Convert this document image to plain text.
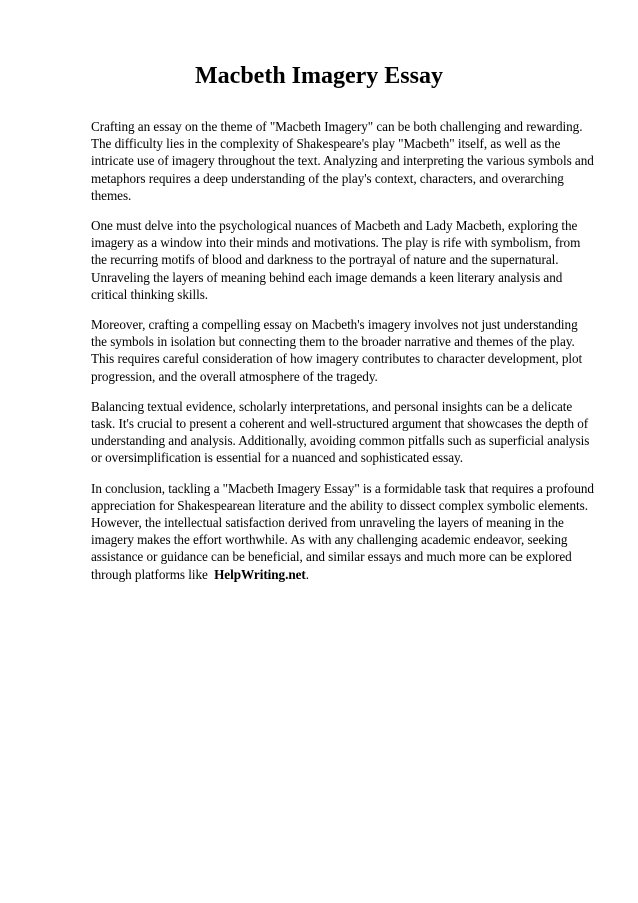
Macbeth Imagery Essay

Crafting an essay on the theme of "Macbeth Imagery" can be both challenging and rewarding. The difficulty lies in the complexity of Shakespeare's play "Macbeth" itself, as well as the intricate use of imagery throughout the text. Analyzing and interpreting the various symbols and metaphors requires a deep understanding of the play's context, characters, and overarching themes.

One must delve into the psychological nuances of Macbeth and Lady Macbeth, exploring the imagery as a window into their minds and motivations. The play is rife with symbolism, from the recurring motifs of blood and darkness to the portrayal of nature and the supernatural. Unraveling the layers of meaning behind each image demands a keen literary analysis and critical thinking skills.

Moreover, crafting a compelling essay on Macbeth's imagery involves not just understanding the symbols in isolation but connecting them to the broader narrative and themes of the play. This requires careful consideration of how imagery contributes to character development, plot progression, and the overall atmosphere of the tragedy.

Balancing textual evidence, scholarly interpretations, and personal insights can be a delicate task. It's crucial to present a coherent and well-structured argument that showcases the depth of understanding and analysis. Additionally, avoiding common pitfalls such as superficial analysis or oversimplification is essential for a nuanced and sophisticated essay.

In conclusion, tackling a "Macbeth Imagery Essay" is a formidable task that requires a profound appreciation for Shakespearean literature and the ability to dissect complex symbolic elements. However, the intellectual satisfaction derived from unraveling the layers of meaning in the imagery makes the effort worthwhile. As with any challenging academic endeavor, seeking assistance or guidance can be beneficial, and similar essays and much more can be explored through platforms like HelpWriting.net.
